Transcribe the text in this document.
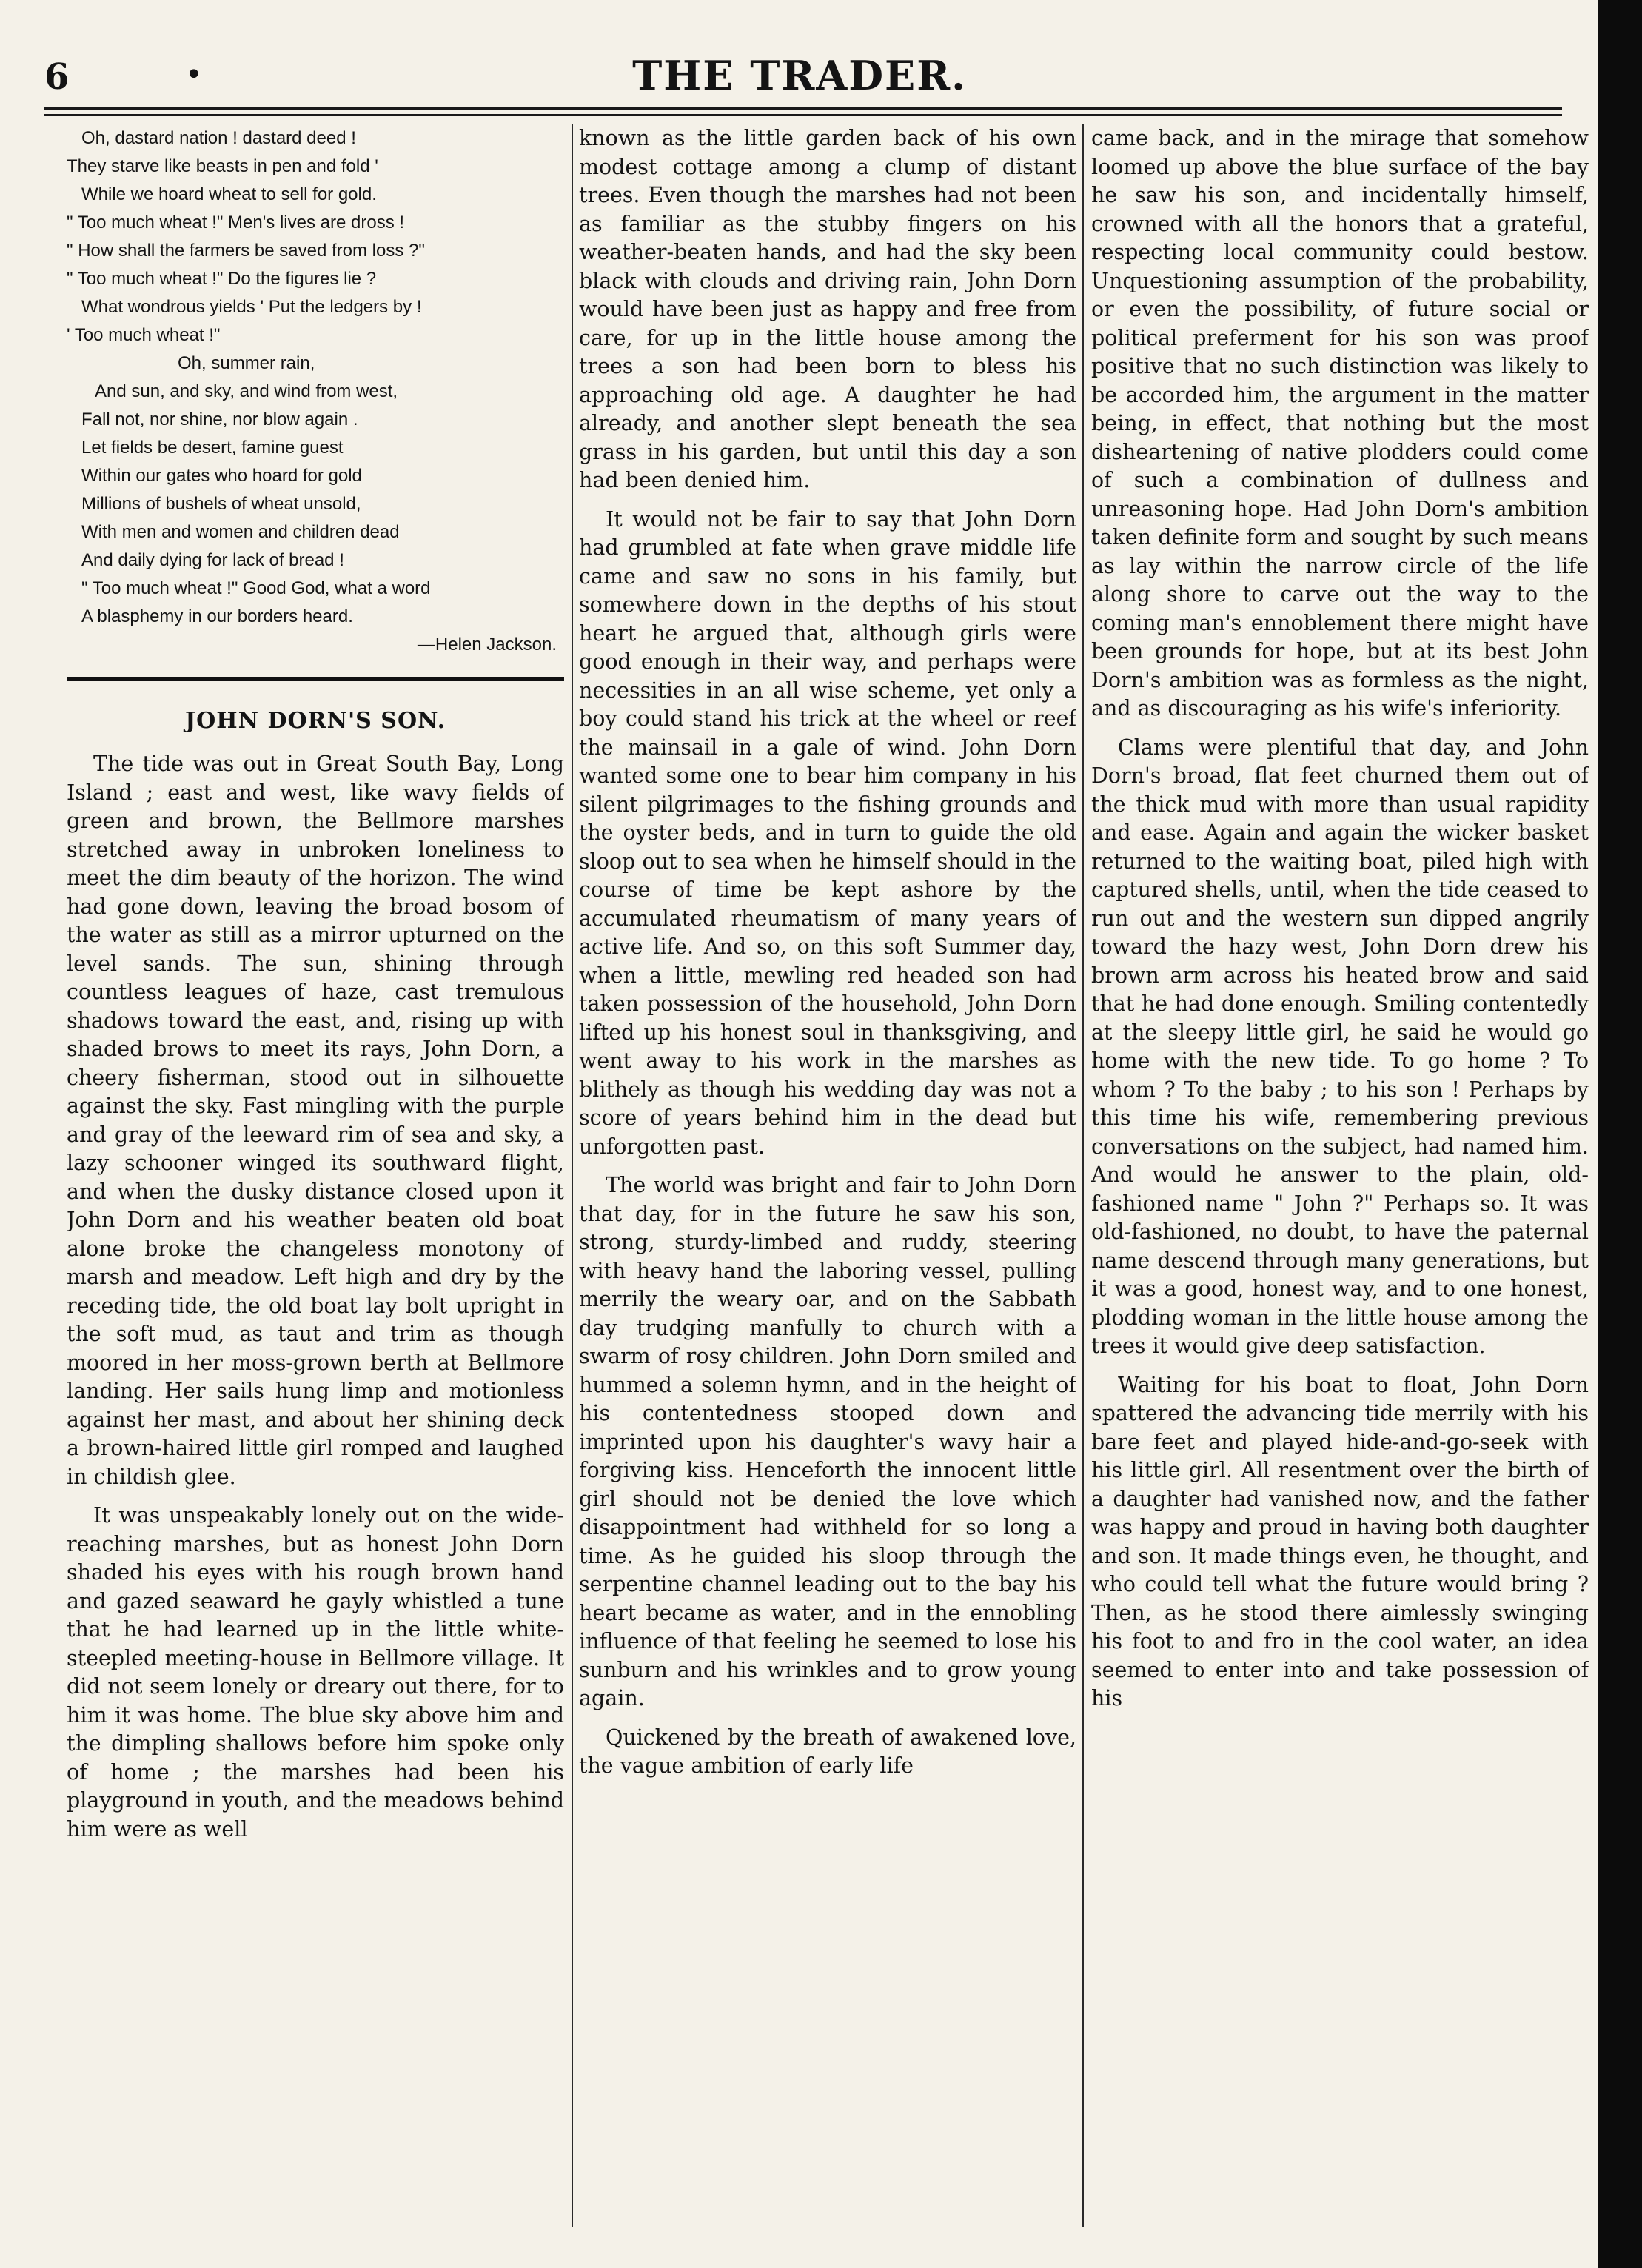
6	•	THE TRADER.
Oh, dastard nation ! dastard deed !
They starve like beasts in pen and fold '
While we hoard wheat to sell for gold.
" Too much wheat !" Men's lives are dross !
" How shall the farmers be saved from loss ?"
" Too much wheat !" Do the figures lie ?
What wondrous yields ' Put the ledgers by !
' Too much wheat !"
Oh, summer rain,
And sun, and sky, and wind from west,
Fall not, nor shine, nor blow again .
Let fields be desert, famine guest
Within our gates who hoard for gold
Millions of bushels of wheat unsold,
With men and women and children dead
And daily dying for lack of bread !
" Too much wheat !" Good God, what a word
A blasphemy in our borders heard.
—Helen Jackson.
JOHN DORN'S SON.

The tide was out in Great South Bay, Long Island ; east and west, like wavy fields of green and brown, the Bellmore marshes stretched away in unbroken loneliness to meet the dim beauty of the horizon. The wind had gone down, leaving the broad bosom of the water as still as a mirror upturned on the level sands. The sun, shining through countless leagues of haze, cast tremulous shadows toward the east, and, rising up with shaded brows to meet its rays, John Dorn, a cheery fisherman, stood out in silhouette against the sky. Fast mingling with the purple and gray of the leeward rim of sea and sky, a lazy schooner winged its southward flight, and when the dusky distance closed upon it John Dorn and his weather beaten old boat alone broke the changeless monotony of marsh and meadow. Left high and dry by the receding tide, the old boat lay bolt upright in the soft mud, as taut and trim as though moored in her moss-grown berth at Bellmore landing. Her sails hung limp and motionless against her mast, and about her shining deck a brown-haired little girl romped and laughed in childish glee.

It was unspeakably lonely out on the wide-reaching marshes, but as honest John Dorn shaded his eyes with his rough brown hand and gazed seaward he gayly whistled a tune that he had learned up in the little white-steepled meeting-house in Bellmore village. It did not seem lonely or dreary out there, for to him it was home. The blue sky above him and the dimpling shallows before him spoke only of home ; the marshes had been his playground in youth, and the meadows behind him were as well

known as the little garden back of his own modest cottage among a clump of distant trees. Even though the marshes had not been as familiar as the stubby fingers on his weather-beaten hands, and had the sky been black with clouds and driving rain, John Dorn would have been just as happy and free from care, for up in the little house among the trees a son had been born to bless his approaching old age. A daughter he had already, and another slept beneath the sea grass in his garden, but until this day a son had been denied him.

It would not be fair to say that John Dorn had grumbled at fate when grave middle life came and saw no sons in his family, but somewhere down in the depths of his stout heart he argued that, although girls were good enough in their way, and perhaps were necessities in an all wise scheme, yet only a boy could stand his trick at the wheel or reef the mainsail in a gale of wind. John Dorn wanted some one to bear him company in his silent pilgrimages to the fishing grounds and the oyster beds, and in turn to guide the old sloop out to sea when he himself should in the course of time be kept ashore by the accumulated rheumatism of many years of active life. And so, on this soft Summer day, when a little, mewling red headed son had taken possession of the household, John Dorn lifted up his honest soul in thanksgiving, and went away to his work in the marshes as blithely as though his wedding day was not a score of years behind him in the dead but unforgotten past.

The world was bright and fair to John Dorn that day, for in the future he saw his son, strong, sturdy-limbed and ruddy, steering with heavy hand the laboring vessel, pulling merrily the weary oar, and on the Sabbath day trudging manfully to church with a swarm of rosy children. John Dorn smiled and hummed a solemn hymn, and in the height of his contentedness stooped down and imprinted upon his daughter's wavy hair a forgiving kiss. Henceforth the innocent little girl should not be denied the love which disappointment had withheld for so long a time. As he guided his sloop through the serpentine channel leading out to the bay his heart became as water, and in the ennobling influence of that feeling he seemed to lose his sunburn and his wrinkles and to grow young again.

Quickened by the breath of awakened love, the vague ambition of early life

came back, and in the mirage that somehow loomed up above the blue surface of the bay he saw his son, and incidentally himself, crowned with all the honors that a grateful, respecting local community could bestow. Unquestioning assumption of the probability, or even the possibility, of future social or political preferment for his son was proof positive that no such distinction was likely to be accorded him, the argument in the matter being, in effect, that nothing but the most disheartening of native plodders could come of such a combination of dullness and unreasoning hope. Had John Dorn's ambition taken definite form and sought by such means as lay within the narrow circle of the life along shore to carve out the way to the coming man's ennoblement there might have been grounds for hope, but at its best John Dorn's ambition was as formless as the night, and as discouraging as his wife's inferiority.

Clams were plentiful that day, and John Dorn's broad, flat feet churned them out of the thick mud with more than usual rapidity and ease. Again and again the wicker basket returned to the waiting boat, piled high with captured shells, until, when the tide ceased to run out and the western sun dipped angrily toward the hazy west, John Dorn drew his brown arm across his heated brow and said that he had done enough. Smiling contentedly at the sleepy little girl, he said he would go home with the new tide. To go home ? To whom ? To the baby ; to his son ! Perhaps by this time his wife, remembering previous conversations on the subject, had named him. And would he answer to the plain, old-fashioned name " John ?" Perhaps so. It was old-fashioned, no doubt, to have the paternal name descend through many generations, but it was a good, honest way, and to one honest, plodding woman in the little house among the trees it would give deep satisfaction.

Waiting for his boat to float, John Dorn spattered the advancing tide merrily with his bare feet and played hide-and-go-seek with his little girl. All resentment over the birth of a daughter had vanished now, and the father was happy and proud in having both daughter and son. It made things even, he thought, and who could tell what the future would bring ? Then, as he stood there aimlessly swinging his foot to and fro in the cool water, an idea seemed to enter into and take possession of his
